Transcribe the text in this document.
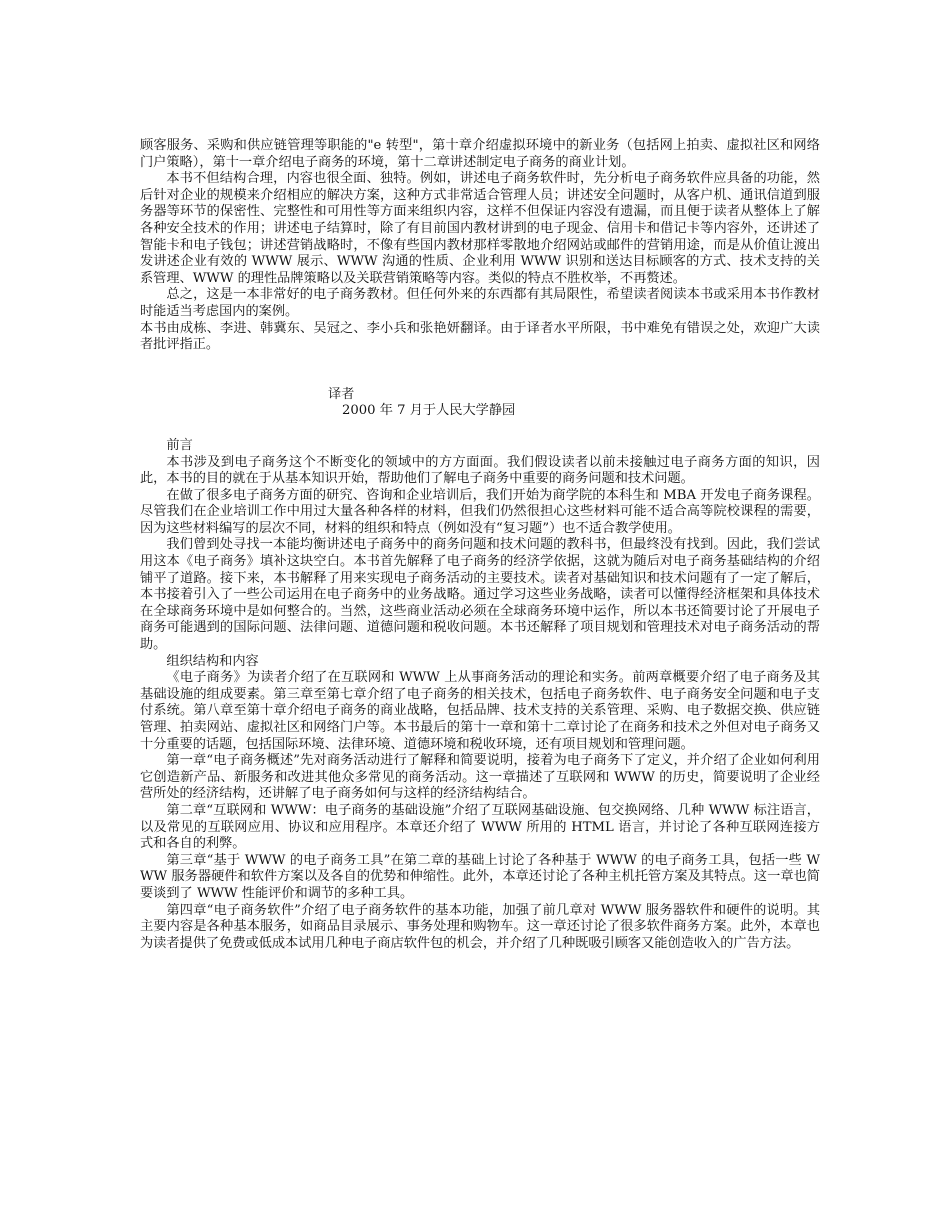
顾客服务、采购和供应链管理等职能的"e 转型"，第十章介绍虚拟环境中的新业务（包括网上拍卖、虚拟社区和网络门户策略），第十一章介绍电子商务的环境，第十二章讲述制定电子商务的商业计划。

本书不但结构合理，内容也很全面、独特。例如，讲述电子商务软件时，先分析电子商务软件应具备的功能，然后针对企业的规模来介绍相应的解决方案，这种方式非常适合管理人员；讲述安全问题时，从客户机、通讯信道到服务器等环节的保密性、完整性和可用性等方面来组织内容，这样不但保证内容没有遗漏，而且便于读者从整体上了解各种安全技术的作用；讲述电子结算时，除了有目前国内教材讲到的电子现金、信用卡和借记卡等内容外，还讲述了智能卡和电子钱包；讲述营销战略时，不像有些国内教材那样零散地介绍网站或邮件的营销用途，而是从价值让渡出发讲述企业有效的 WWW 展示、WWW 沟通的性质、企业利用 WWW 识别和送达目标顾客的方式、技术支持的关系管理、WWW 的理性品牌策略以及关联营销策略等内容。类似的特点不胜枚举，不再赘述。

总之，这是一本非常好的电子商务教材。但任何外来的东西都有其局限性，希望读者阅读本书或采用本书作教材时能适当考虑国内的案例。

本书由成栋、李进、韩冀东、吴冠之、李小兵和张艳妍翻译。由于译者水平所限，书中难免有错误之处，欢迎广大读者批评指正。

译者

2000 年 7 月于人民大学静园

前言

本书涉及到电子商务这个不断变化的领域中的方方面面。我们假设读者以前未接触过电子商务方面的知识，因此，本书的目的就在于从基本知识开始，帮助他们了解电子商务中重要的商务问题和技术问题。

在做了很多电子商务方面的研究、咨询和企业培训后，我们开始为商学院的本科生和 MBA 开发电子商务课程。尽管我们在企业培训工作中用过大量各种各样的材料，但我们仍然很担心这些材料可能不适合高等院校课程的需要，因为这些材料编写的层次不同，材料的组织和特点（例如没有“复习题”）也不适合教学使用。

我们曾到处寻找一本能均衡讲述电子商务中的商务问题和技术问题的教科书，但最终没有找到。因此，我们尝试用这本《电子商务》填补这块空白。本书首先解释了电子商务的经济学依据，这就为随后对电子商务基础结构的介绍铺平了道路。接下来，本书解释了用来实现电子商务活动的主要技术。读者对基础知识和技术问题有了一定了解后，本书接着引入了一些公司运用在电子商务中的业务战略。通过学习这些业务战略，读者可以懂得经济框架和具体技术在全球商务环境中是如何整合的。当然，这些商业活动必须在全球商务环境中运作，所以本书还简要讨论了开展电子商务可能遇到的国际问题、法律问题、道德问题和税收问题。本书还解释了项目规划和管理技术对电子商务活动的帮助。

组织结构和内容

《电子商务》为读者介绍了在互联网和 WWW 上从事商务活动的理论和实务。前两章概要介绍了电子商务及其基础设施的组成要素。第三章至第七章介绍了电子商务的相关技术，包括电子商务软件、电子商务安全问题和电子支付系统。第八章至第十章介绍电子商务的商业战略，包括品牌、技术支持的关系管理、采购、电子数据交换、供应链管理、拍卖网站、虚拟社区和网络门户等。本书最后的第十一章和第十二章讨论了在商务和技术之外但对电子商务又十分重要的话题，包括国际环境、法律环境、道德环境和税收环境，还有项目规划和管理问题。

第一章“电子商务概述”先对商务活动进行了解释和简要说明，接着为电子商务下了定义，并介绍了企业如何利用它创造新产品、新服务和改进其他众多常见的商务活动。这一章描述了互联网和 WWW 的历史，简要说明了企业经营所处的经济结构，还讲解了电子商务如何与这样的经济结构结合。

第二章“互联网和 WWW：电子商务的基础设施”介绍了互联网基础设施、包交换网络、几种 WWW 标注语言，以及常见的互联网应用、协议和应用程序。本章还介绍了 WWW 所用的 HTML 语言，并讨论了各种互联网连接方式和各自的利弊。

第三章“基于 WWW 的电子商务工具”在第二章的基础上讨论了各种基于 WWW 的电子商务工具，包括一些 WWW 服务器硬件和软件方案以及各自的优势和伸缩性。此外，本章还讨论了各种主机托管方案及其特点。这一章也简要谈到了 WWW 性能评价和调节的多种工具。

第四章“电子商务软件”介绍了电子商务软件的基本功能，加强了前几章对 WWW 服务器软件和硬件的说明。其主要内容是各种基本服务，如商品目录展示、事务处理和购物车。这一章还讨论了很多软件商务方案。此外，本章也为读者提供了免费或低成本试用几种电子商店软件包的机会，并介绍了几种既吸引顾客又能创造收入的广告方法。
